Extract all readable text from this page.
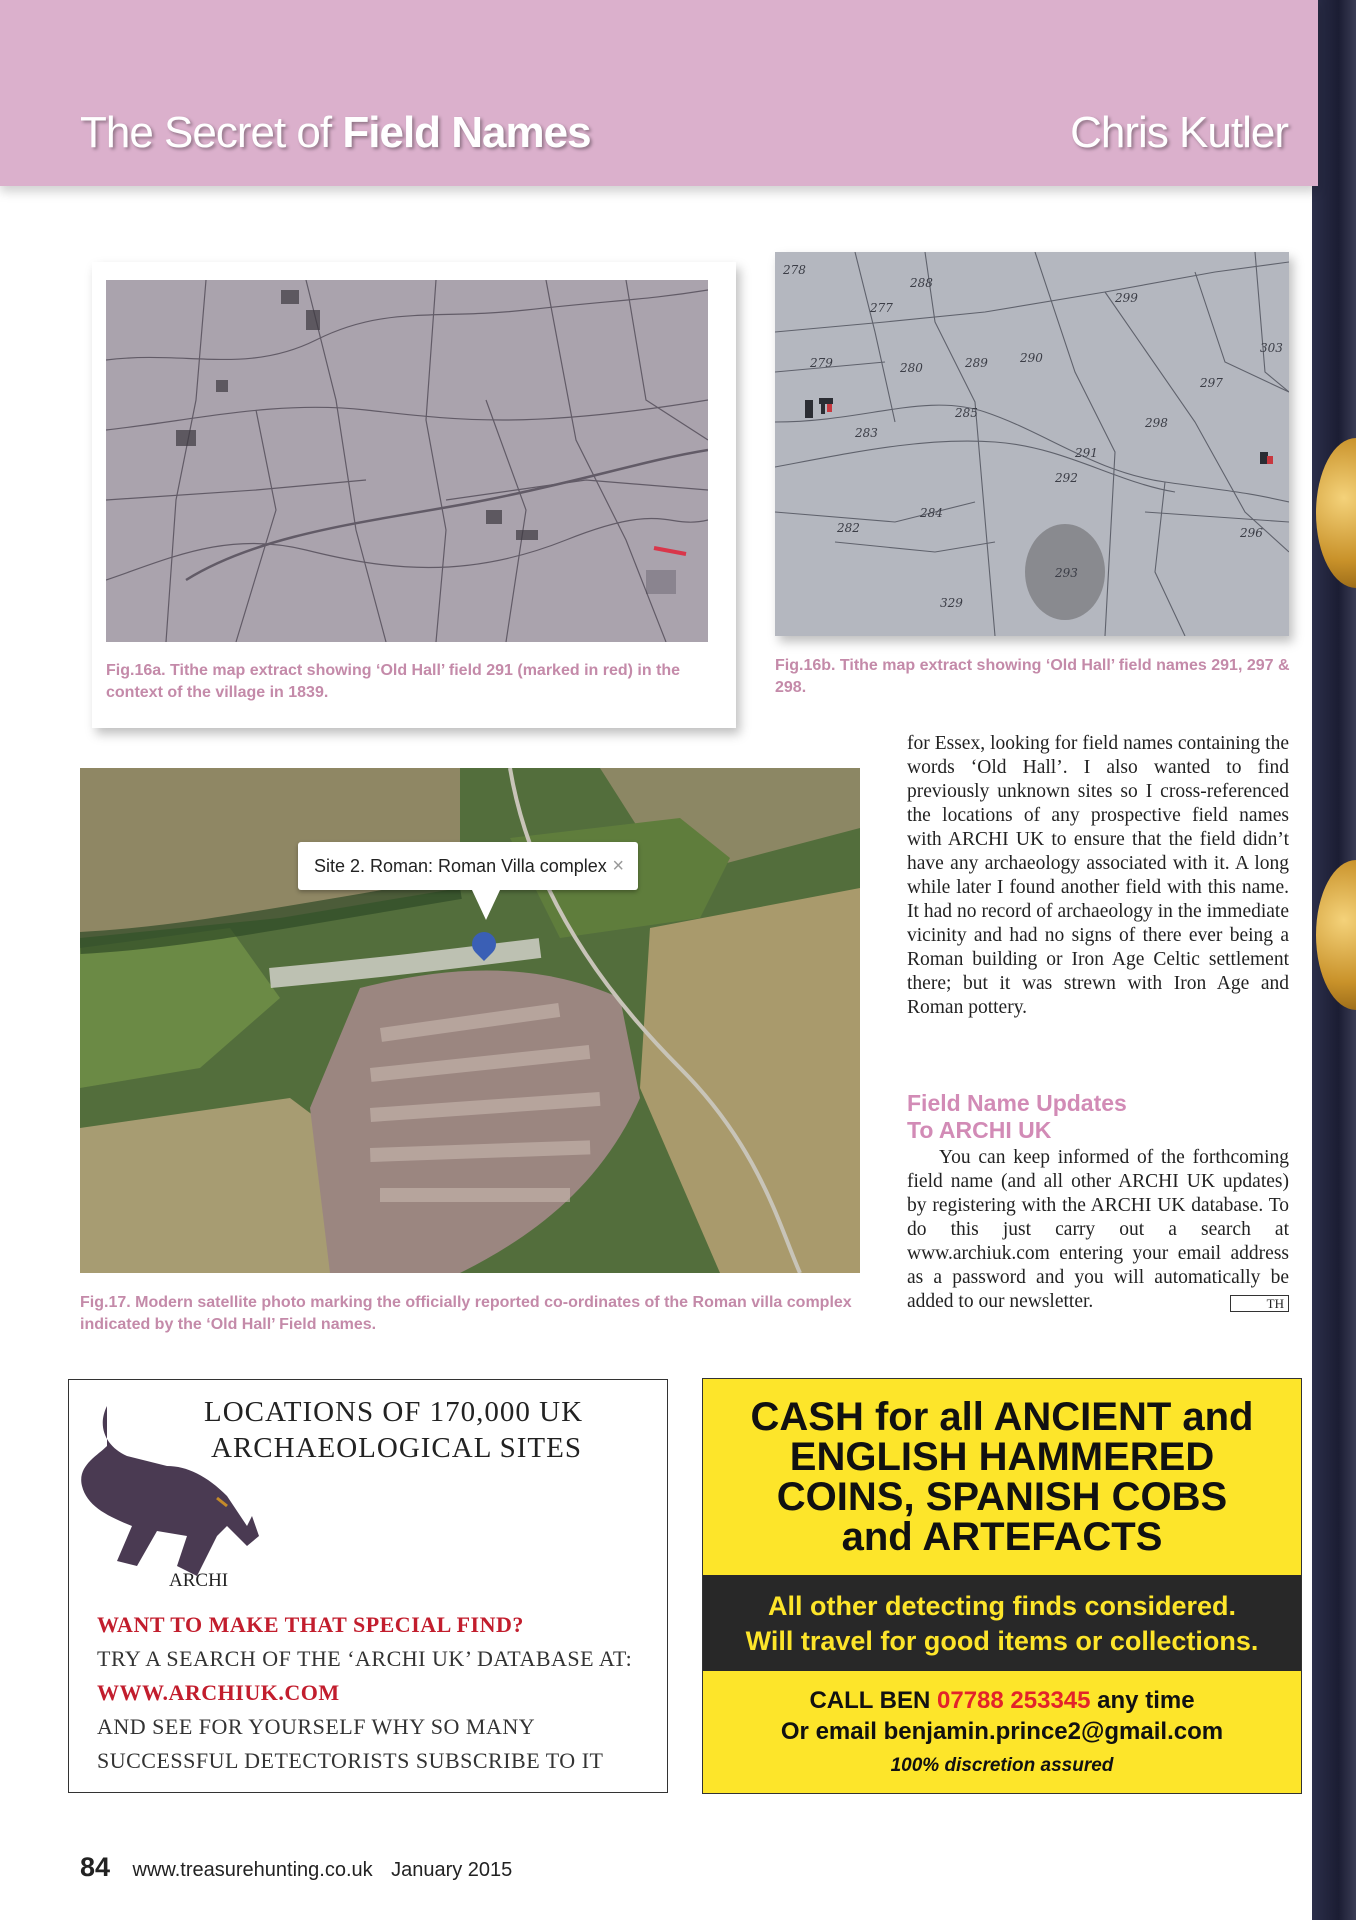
The Secret of Field Names	Chris Kutler
Fig.16a. Tithe map extract showing ‘Old Hall’ field 291 (marked in red) in the context of the village in 1839.
278
288
299
277
279	280	289	290
303
297
285
298
283
291
292
284
282	296
293
329
Fig.16b. Tithe map extract showing ‘Old Hall’ field names 291, 297 & 298.
Site 2. Roman: Roman Villa complex ×
Fig.17. Modern satellite photo marking the officially reported co-ordinates of the Roman villa complex indicated by the ‘Old Hall’ Field names.
for Essex, looking for field names containing the words ‘Old Hall’. I also wanted to find previously unknown sites so I cross-referenced the locations of any prospective field names with ARCHI UK to ensure that the field didn’t have any archaeology associated with it. A long while later I found another field with this name. It had no record of archaeology in the immediate vicinity and had no signs of there ever being a Roman building or Iron Age Celtic settlement there; but it was strewn with Iron Age and Roman pottery.
Field Name Updates
To ARCHI UK
You can keep informed of the forthcoming field name (and all other ARCHI UK updates) by registering with the ARCHI UK database. To do this just carry out a search at www.archiuk.com entering your email address as a password and you will automatically be added to our newsletter.	TH
ARCHI
LOCATIONS OF 170,000 UK
ARCHAEOLOGICAL SITES
WANT TO MAKE THAT SPECIAL FIND?
TRY A SEARCH OF THE ‘ARCHI UK’ DATABASE AT:
WWW.ARCHIUK.COM
AND SEE FOR YOURSELF WHY SO MANY
SUCCESSFUL DETECTORISTS SUBSCRIBE TO IT
CASH for all ANCIENT and
ENGLISH HAMMERED
COINS, SPANISH COBS
and ARTEFACTS
All other detecting finds considered.
Will travel for good items or collections.
CALL BEN 07788 253345 any time
Or email benjamin.prince2@gmail.com
100% discretion assured
84 www.treasurehunting.co.uk January 2015
